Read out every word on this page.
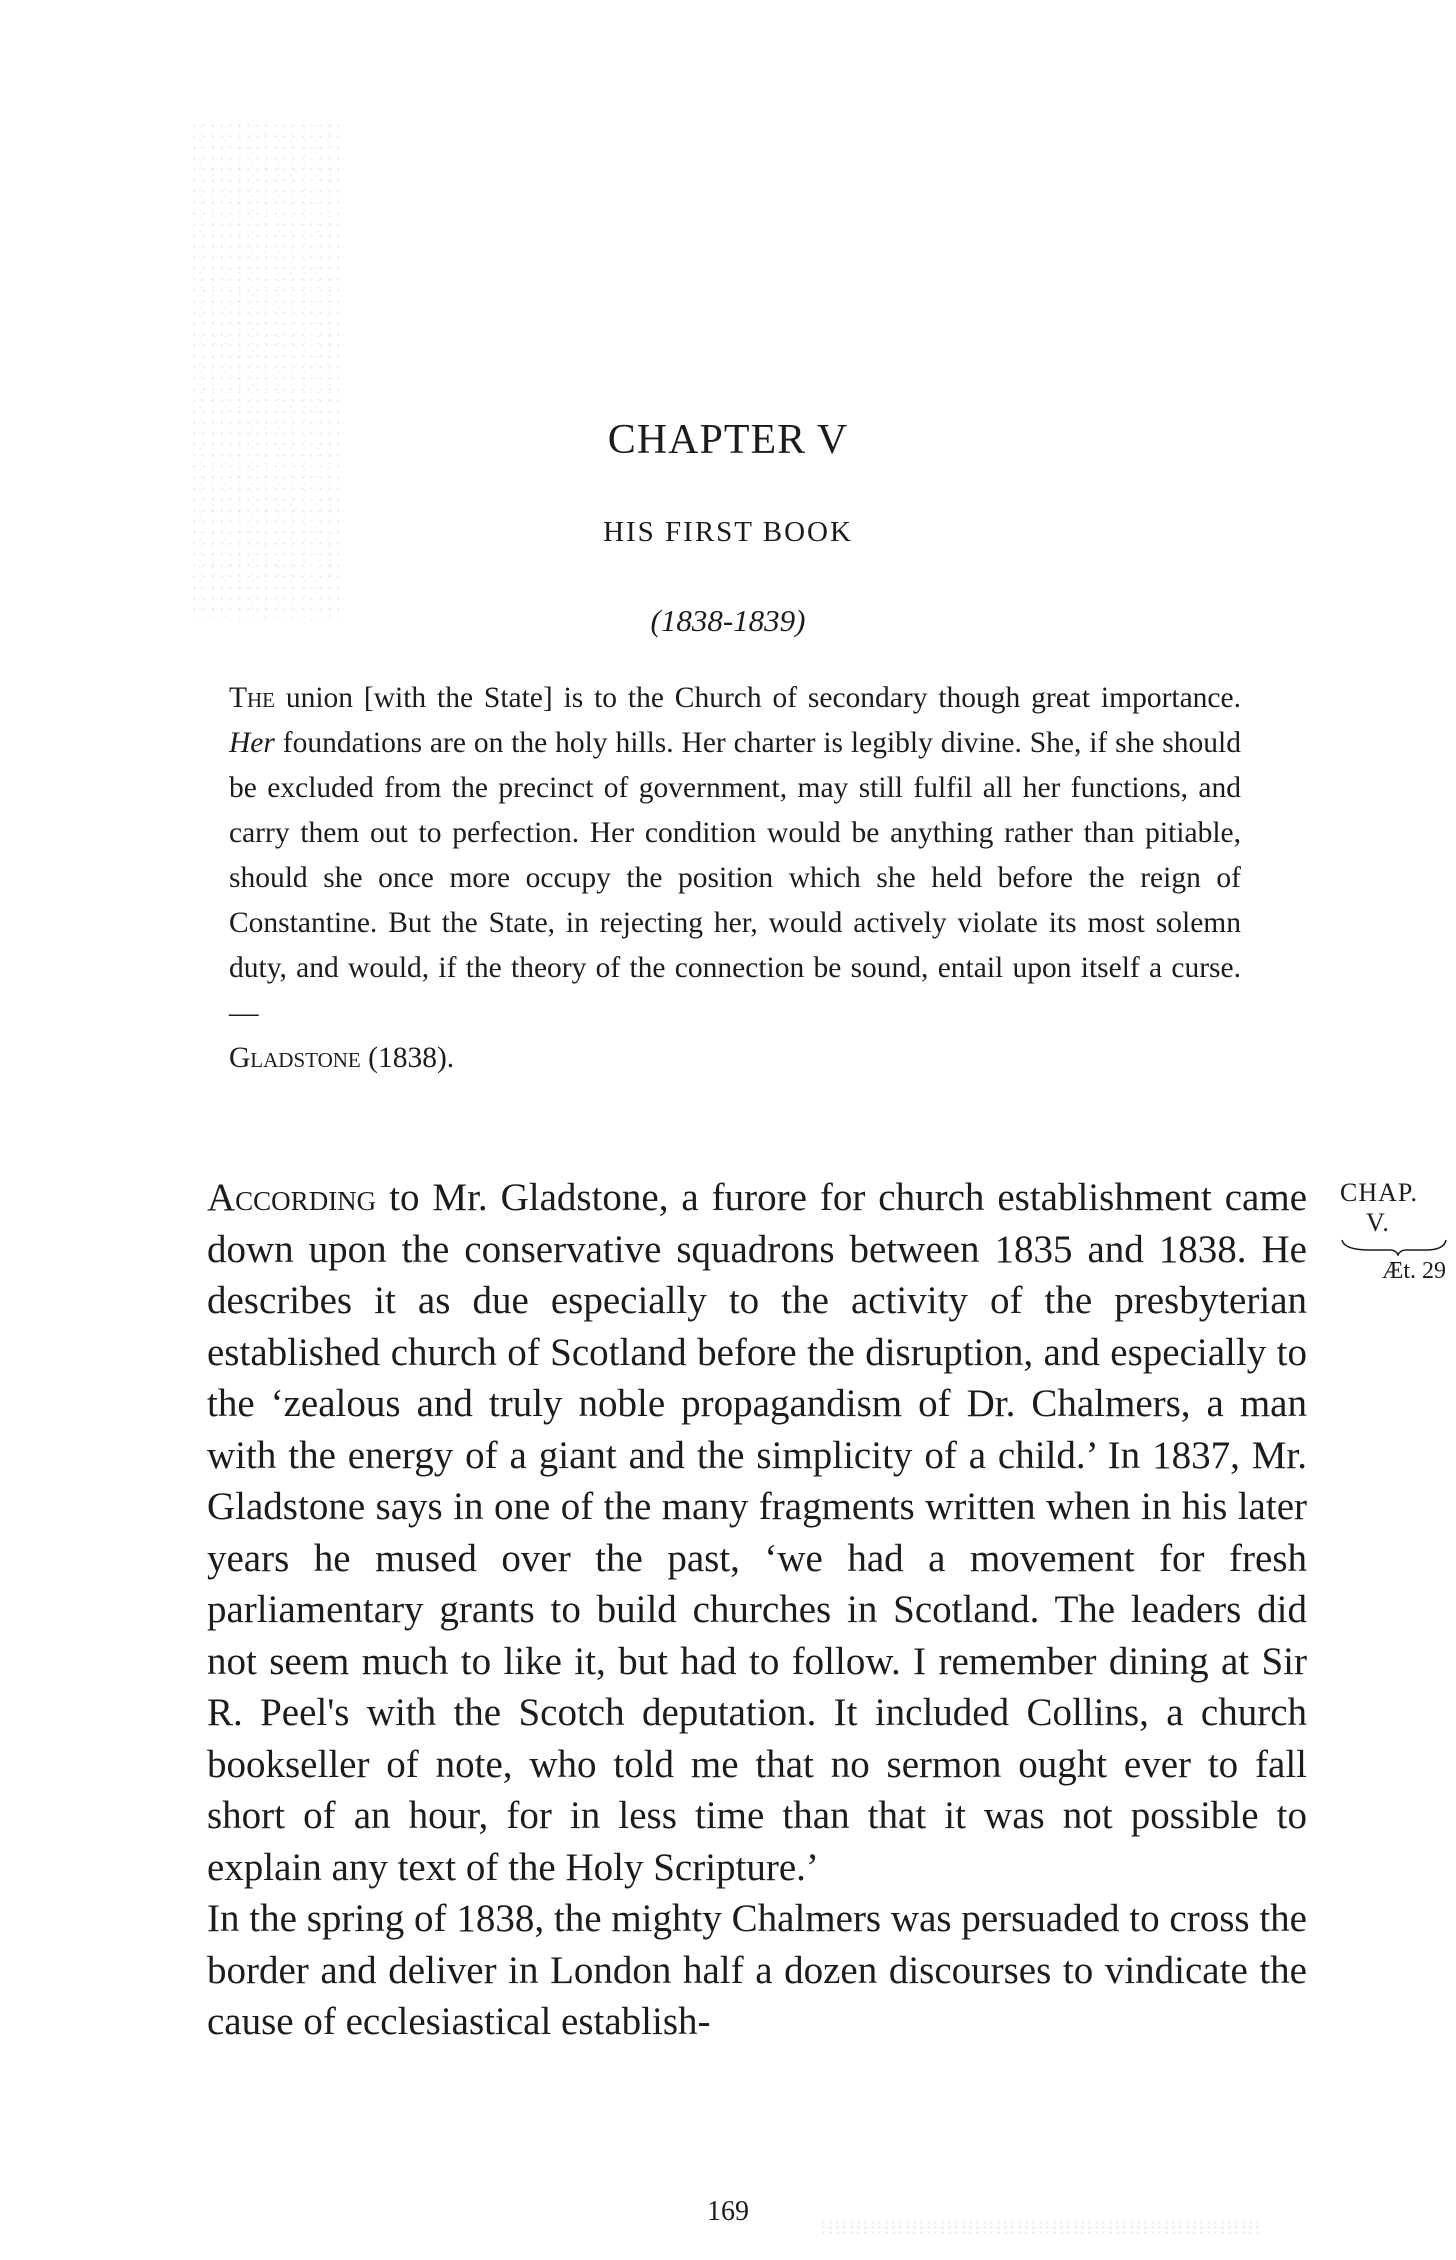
CHAPTER V
HIS FIRST BOOK
(1838-1839)

The union [with the State] is to the Church of secondary though great importance. Her foundations are on the holy hills. Her charter is legibly divine. She, if she should be excluded from the precinct of government, may still fulfil all her functions, and carry them out to perfection. Her condition would be anything rather than pitiable, should she once more occupy the position which she held before the reign of Constantine. But the State, in rejecting her, would actively violate its most solemn duty, and would, if the theory of the connection be sound, entail upon itself a curse. —
Gladstone (1838).

According to Mr. Gladstone, a furore for church establishment came down upon the conservative squadrons between 1835 and 1838. He describes it as due especially to the activity of the presbyterian established church of Scotland before the disruption, and especially to the ‘zealous and truly noble propagandism of Dr. Chalmers, a man with the energy of a giant and the simplicity of a child.’ In 1837, Mr. Gladstone says in one of the many fragments written when in his later years he mused over the past, ‘we had a movement for fresh parliamentary grants to build churches in Scotland. The leaders did not seem much to like it, but had to follow. I remember dining at Sir R. Peel's with the Scotch deputation. It included Collins, a church bookseller of note, who told me that no sermon ought ever to fall short of an hour, for in less time than that it was not possible to explain any text of the Holy Scripture.’

In the spring of 1838, the mighty Chalmers was persuaded to cross the border and deliver in London half a dozen discourses to vindicate the cause of ecclesiastical establish-

CHAP.
V.
Æt. 29
169
